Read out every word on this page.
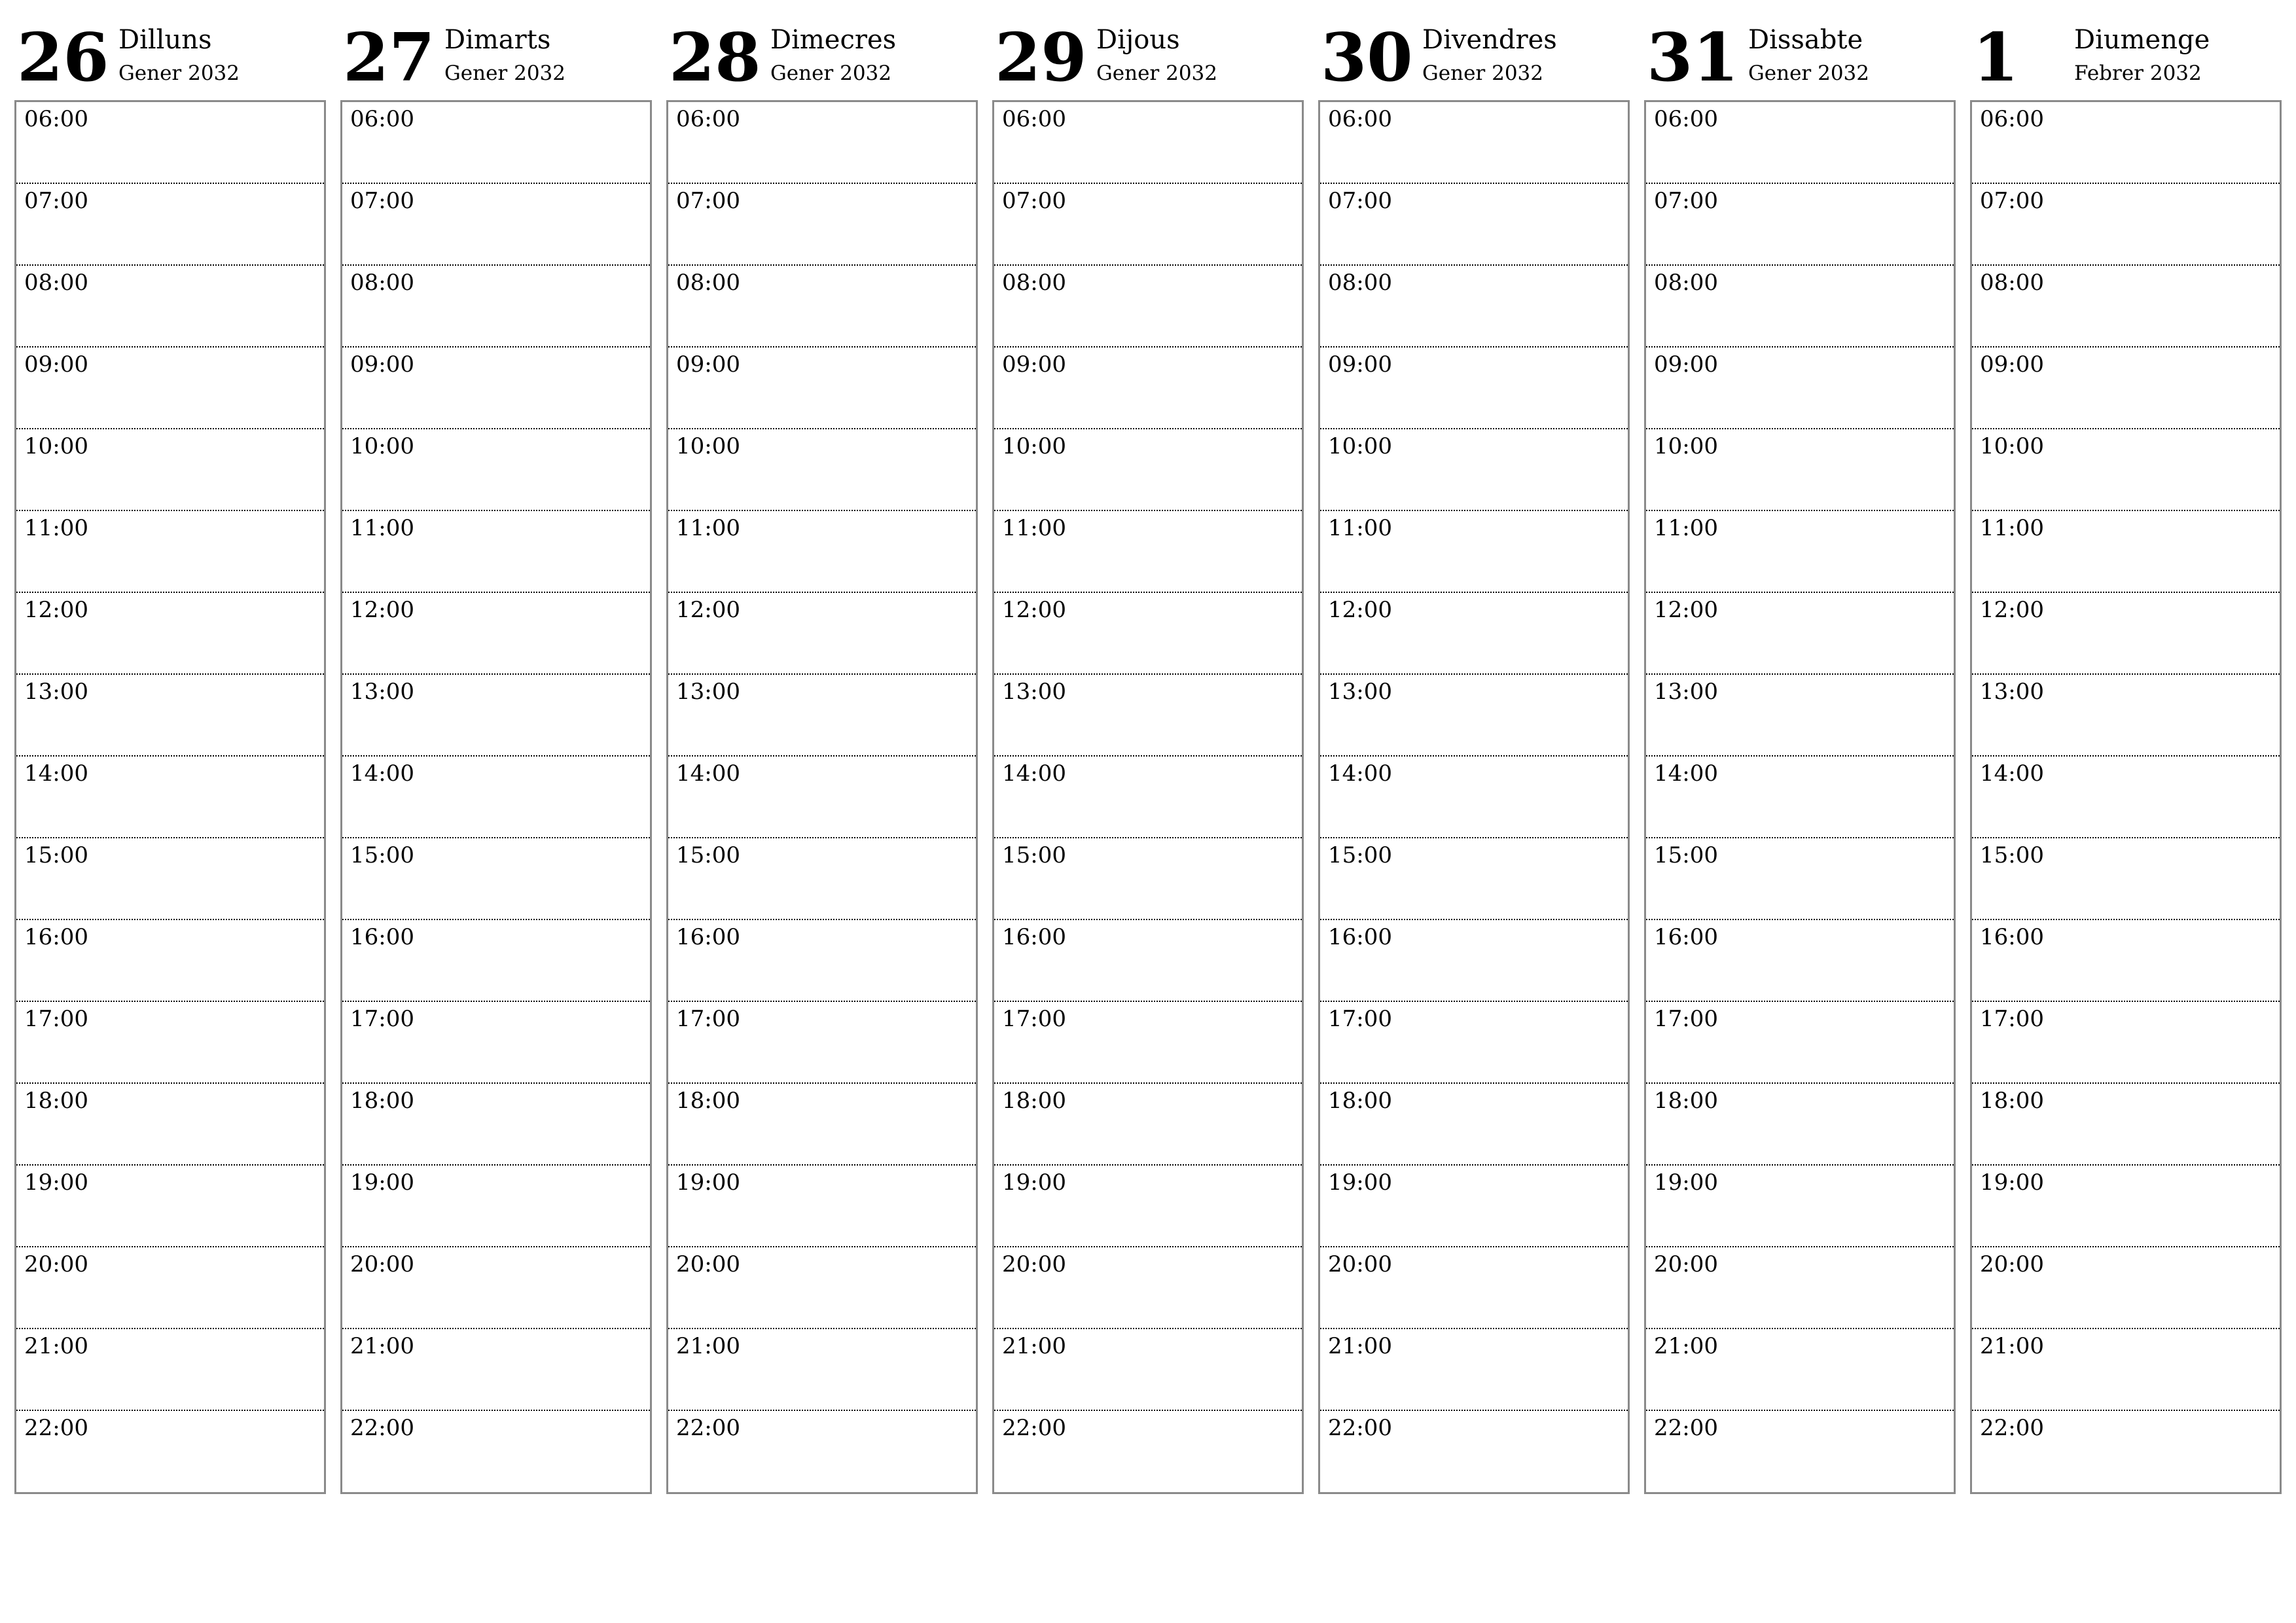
26 Dilluns
Gener 2032
06:00
07:00
08:00
09:00
10:00
11:00
12:00
13:00
14:00
15:00
16:00
17:00
18:00
19:00
20:00
21:00
22:00
27 Dimarts
Gener 2032
06:00
07:00
08:00
09:00
10:00
11:00
12:00
13:00
14:00
15:00
16:00
17:00
18:00
19:00
20:00
21:00
22:00
28 Dimecres
Gener 2032
06:00
07:00
08:00
09:00
10:00
11:00
12:00
13:00
14:00
15:00
16:00
17:00
18:00
19:00
20:00
21:00
22:00
29 Dijous
Gener 2032
06:00
07:00
08:00
09:00
10:00
11:00
12:00
13:00
14:00
15:00
16:00
17:00
18:00
19:00
20:00
21:00
22:00
30 Divendres
Gener 2032
06:00
07:00
08:00
09:00
10:00
11:00
12:00
13:00
14:00
15:00
16:00
17:00
18:00
19:00
20:00
21:00
22:00
31 Dissabte
Gener 2032
06:00
07:00
08:00
09:00
10:00
11:00
12:00
13:00
14:00
15:00
16:00
17:00
18:00
19:00
20:00
21:00
22:00
1 Diumenge
Febrer 2032
06:00
07:00
08:00
09:00
10:00
11:00
12:00
13:00
14:00
15:00
16:00
17:00
18:00
19:00
20:00
21:00
22:00
